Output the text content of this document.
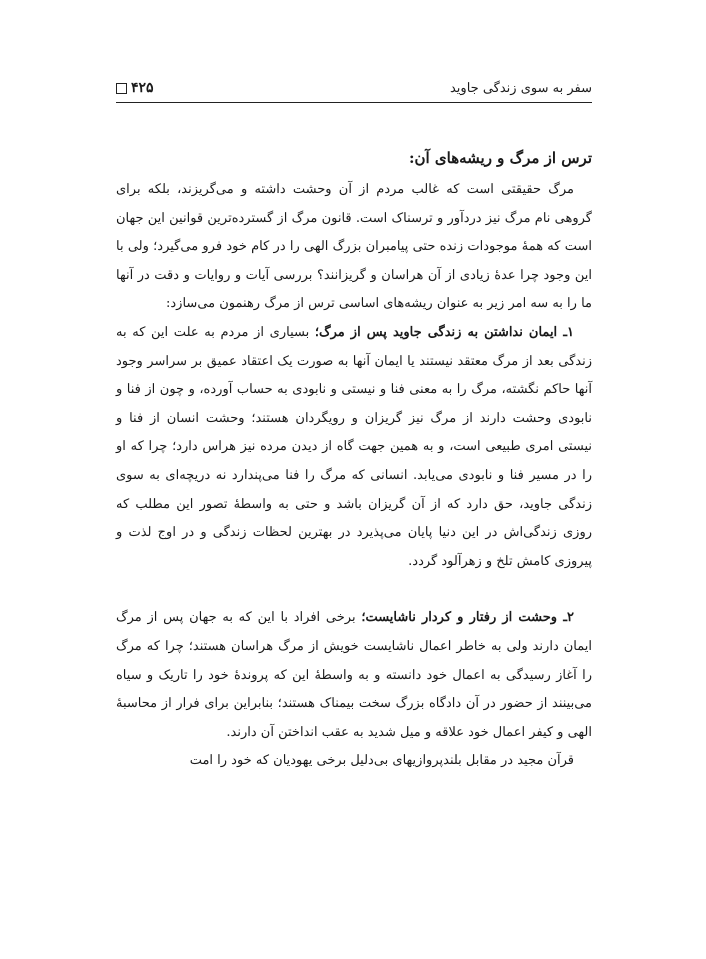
سفر به سوی زندگی جاوید
۴۲۵
ترس از مرگ و ریشه‌های آن:

مرگ حقیقتی است که غالب مردم از آن وحشت داشته و می‌گریزند، بلکه برای گروهی نام مرگ نیز دردآور و ترسناک است. قانون مرگ از گسترده‌ترین قوانین این جهان است که همهٔ موجودات زنده حتی پیامبران بزرگ الهی را در کام خود فرو می‌گیرد؛ ولی با این وجود چرا عدهٔ زیادی از آن هراسان و گریزانند؟ بررسی آیات و روایات و دقت در آنها ما را به سه امر زیر به عنوان ریشه‌های اساسی ترس از مرگ رهنمون می‌سازد:

۱ـ ایمان نداشتن به زندگی جاوید پس از مرگ؛ بسیاری از مردم به علت این که به زندگی بعد از مرگ معتقد نیستند یا ایمان آنها به صورت یک اعتقاد عمیق بر سراسر وجود آنها حاکم نگشته، مرگ را به معنی فنا و نیستی و نابودی به حساب آورده، و چون از فنا و نابودی وحشت دارند از مرگ نیز گریزان و رویگردان هستند؛ وحشت انسان از فنا و نیستی امری طبیعی است، و به همین جهت گاه از دیدن مرده نیز هراس دارد؛ چرا که او را در مسیر فنا و نابودی می‌یابد. انسانی که مرگ را فنا می‌پندارد نه دریچه‌ای به سوی زندگی جاوید، حق دارد که از آن گریزان باشد و حتی به واسطهٔ تصور این مطلب که روزی زندگی‌اش در این دنیا پایان می‌پذیرد در بهترین لحظات زندگی و در اوج لذت و پیروزی کامش تلخ و زهرآلود گردد.

۲ـ وحشت از رفتار و کردار ناشایست؛ برخی افراد با این که به جهان پس از مرگ ایمان دارند ولی به خاطر اعمال ناشایست خویش از مرگ هراسان هستند؛ چرا که مرگ را آغاز رسیدگی به اعمال خود دانسته و به واسطهٔ این که پروندهٔ خود را تاریک و سیاه می‌بینند از حضور در آن دادگاه بزرگ سخت بیمناک هستند؛ بنابراین برای فرار از محاسبهٔ الهی و کیفر اعمال خود علاقه و میل شدید به عقب انداختن آن دارند.

قرآن مجید در مقابل بلندپروازیهای بی‌دلیل برخی یهودیان که خود را امت
